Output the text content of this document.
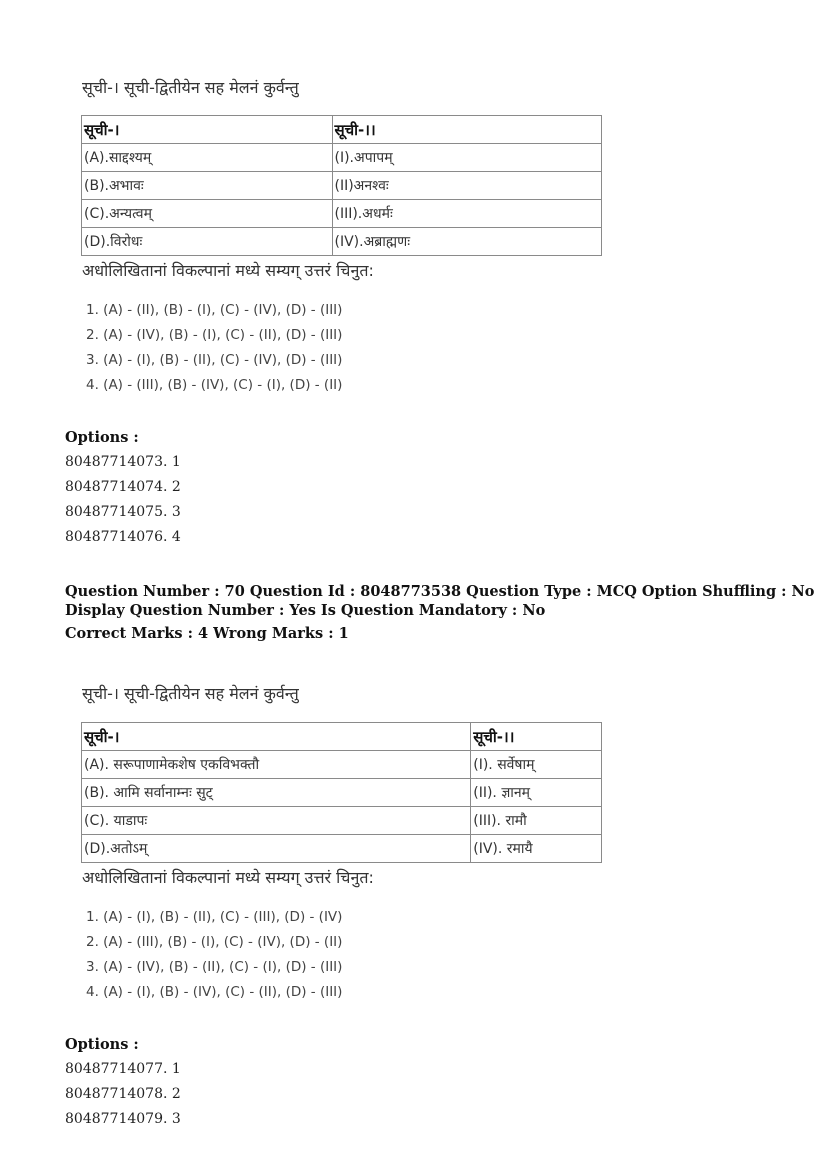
सूची-। सूची-द्वितीयेन सह मेलनं कुर्वन्तु
सूची-।	सूची-।।
(A).साद्दश्यम्	(I).अपापम्
(B).अभावः	(II)अनश्वः
(C).अन्यत्वम्	(III).अधर्मः
(D).विरोधः	(IV).अब्राह्मणः
अधोलिखितानां विकल्पानां मध्ये सम्यग् उत्तरं चिनुत:
1. (A) - (II), (B) - (I), (C) - (IV), (D) - (III)
2. (A) - (IV), (B) - (I), (C) - (II), (D) - (III)
3. (A) - (I), (B) - (II), (C) - (IV), (D) - (III)
4. (A) - (III), (B) - (IV), (C) - (I), (D) - (II)
Options :
80487714073. 1
80487714074. 2
80487714075. 3
80487714076. 4
Question Number : 70 Question Id : 8048773538 Question Type : MCQ Option Shuffling : No
Display Question Number : Yes Is Question Mandatory : No
Correct Marks : 4 Wrong Marks : 1
सूची-। सूची-द्वितीयेन सह मेलनं कुर्वन्तु
सूची-।	सूची-।।
(A). सरूपाणामेकशेष एकविभक्तौ	(I). सर्वेषाम्
(B). आमि सर्वानाम्नः सुट्	(II). ज्ञानम्
(C). याडापः	(III). रामौ
(D).अतोऽम्	(IV). रमायै
अधोलिखितानां विकल्पानां मध्ये सम्यग् उत्तरं चिनुत:
1. (A) - (I), (B) - (II), (C) - (III), (D) - (IV)
2. (A) - (III), (B) - (I), (C) - (IV), (D) - (II)
3. (A) - (IV), (B) - (II), (C) - (I), (D) - (III)
4. (A) - (I), (B) - (IV), (C) - (II), (D) - (III)
Options :
80487714077. 1
80487714078. 2
80487714079. 3
